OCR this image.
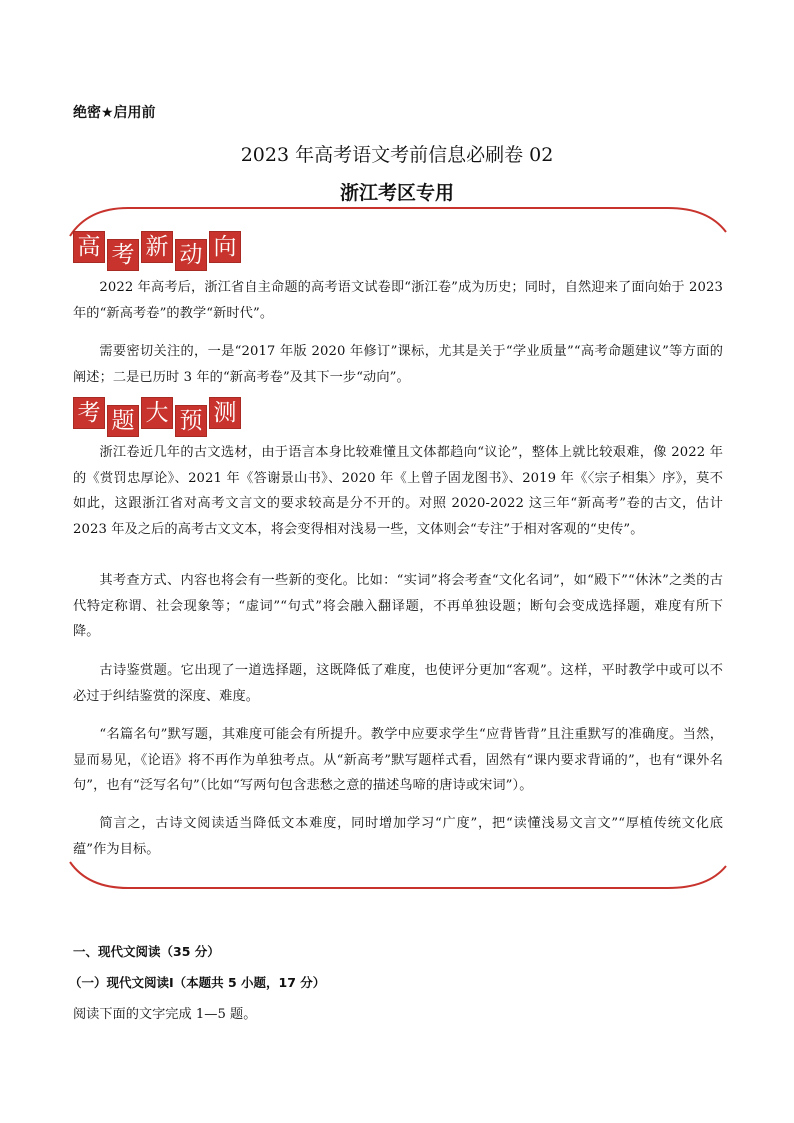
绝密★启用前
2023 年高考语文考前信息必刷卷 02
浙江考区专用
高 考 新 动 向

2022 年高考后，浙江省自主命题的高考语文试卷即“浙江卷”成为历史；同时，自然迎来了面向始于 2023 年的“新高考卷”的教学“新时代”。

需要密切关注的，一是“2017 年版 2020 年修订”课标，尤其是关于“学业质量”“高考命题建议”等方面的阐述；二是已历时 3 年的“新高考卷”及其下一步“动向”。

考 题 大 预 测

浙江卷近几年的古文选材，由于语言本身比较难懂且文体都趋向“议论”，整体上就比较艰难，像 2022 年的《赏罚忠厚论》、2021 年《答谢景山书》、2020 年《上曾子固龙图书》、2019 年《〈宗子相集〉序》，莫不如此，这跟浙江省对高考文言文的要求较高是分不开的。对照 2020-2022 这三年“新高考”卷的古文，估计 2023 年及之后的高考古文文本，将会变得相对浅易一些，文体则会“专注”于相对客观的“史传”。

其考查方式、内容也将会有一些新的变化。比如：“实词”将会考查“文化名词”，如“殿下”“休沐”之类的古代特定称谓、社会现象等；“虚词”“句式”将会融入翻译题，不再单独设题；断句会变成选择题，难度有所下降。

古诗鉴赏题。它出现了一道选择题，这既降低了难度，也使评分更加“客观”。这样，平时教学中或可以不必过于纠结鉴赏的深度、难度。

“名篇名句”默写题，其难度可能会有所提升。教学中应要求学生“应背皆背”且注重默写的准确度。当然，显而易见，《论语》将不再作为单独考点。从“新高考”默写题样式看，固然有“课内要求背诵的”，也有“课外名句”，也有“泛写名句”（比如“写两句包含悲愁之意的描述鸟啼的唐诗或宋词”）。

简言之，古诗文阅读适当降低文本难度，同时增加学习“广度”，把“读懂浅易文言文”“厚植传统文化底蕴”作为目标。

一、现代文阅读（35 分）
（一）现代文阅读Ⅰ（本题共 5 小题，17 分）
阅读下面的文字完成 1—5 题。
